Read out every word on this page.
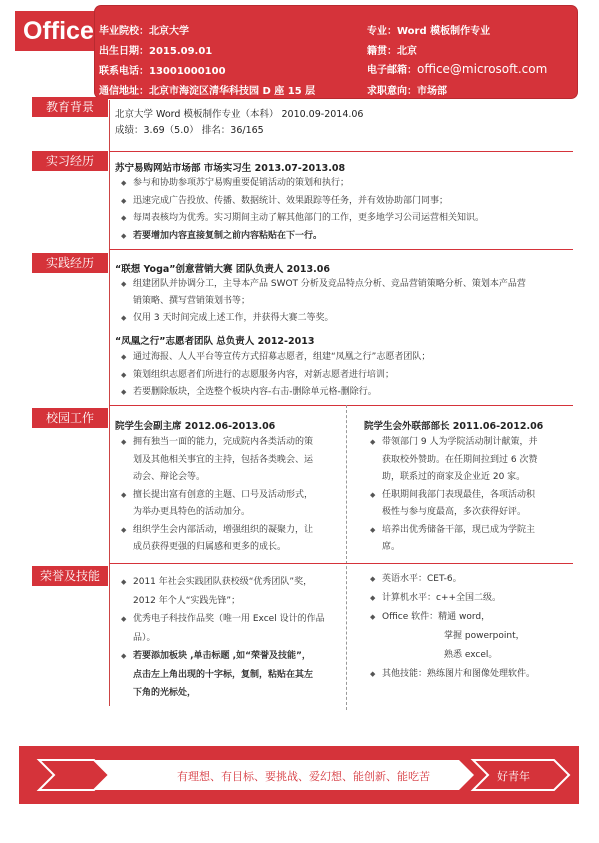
Office 毕业院校：北京大学
出生日期：2015.09.01
联系电话：13001000100
通信地址：北京市海淀区清华科技园 D 座 15 层
专业：Word 模板制作专业
籍贯：北京
电子邮箱：office@microsoft.com
求职意向：市场部
教育背景
北京大学 Word 模板制作专业（本科） 2010.09-2014.06
成绩：3.69（5.0） 排名：36/165
实习经历
苏宁易购网站市场部 市场实习生 2013.07-2013.08
◆ 参与和协助参项苏宁易购重要促销活动的策划和执行；
◆ 迅速完成广告投放、传播、数据统计、效果跟踪等任务，并有效协助部门同事；
◆ 每周表核均为优秀。实习期间主动了解其他部门的工作，更多地学习公司运营相关知识。
◆ 若要增加内容直接复制之前内容粘贴在下一行。
实践经历	“联想 Yoga”创意营销大赛 团队负责人 2013.06
◆ 组建团队并协调分工，主导本产品 SWOT 分析及竞品特点分析、竞品营销策略分析、策划本产品营
销策略、撰写营销策划书等；
◆ 仅用 3 天时间完成上述工作，并获得大赛二等奖。
“凤凰之行”志愿者团队 总负责人 2012-2013
◆ 通过海报、人人平台等宣传方式招募志愿者，组建“凤凰之行”志愿者团队；
◆ 策划组织志愿者们所进行的志愿服务内容，对新志愿者进行培训；
◆ 若要删除版块，全选整个板块内容-右击-删除单元格-删除行。
校园工作
院学生会副主席 2012.06-2013.06	院学生会外联部部长 2011.06-2012.06
◆ 拥有独当一面的能力，完成院内各类活动的策
划及其他相关事宜的主持，包括各类晚会、运
动会、辩论会等。
◆ 擅长提出富有创意的主题、口号及活动形式，
为举办更具特色的活动加分。
◆ 组织学生会内部活动，增强组织的凝聚力，让
成员获得更强的归属感和更多的成长。
◆ 带领部门 9 人为学院活动制计献策，并
获取校外赞助。在任期间拉到过 6 次赞
助，联系过的商家及企业近 20 家。
◆ 任职期间我部门表现最佳，各项活动积
极性与参与度最高，多次获得好评。
◆ 培养出优秀储备干部，现已成为学院主
席。
荣誉及技能	◆ 2011 年社会实践团队获校级“优秀团队”奖，
2012 年个人“实践先锋”；
◆ 优秀电子科技作品奖（唯一用 Excel 设计的作品
品）。
◆ 若要添加板块 ,单击标题 ,如“荣誉及技能”，
点击左上角出现的十字标，复制，粘贴在其左
下角的光标处，
◆ 英语水平：CET-6。
◆ 计算机水平：c++全国二级。
◆ Office 软件：精通 word，
掌握 powerpoint，
熟悉 excel。
◆ 其他技能：熟练图片和图像处理软件。
有理想、有目标、要挑战、爱幻想、能创新、能吃苦	好青年
